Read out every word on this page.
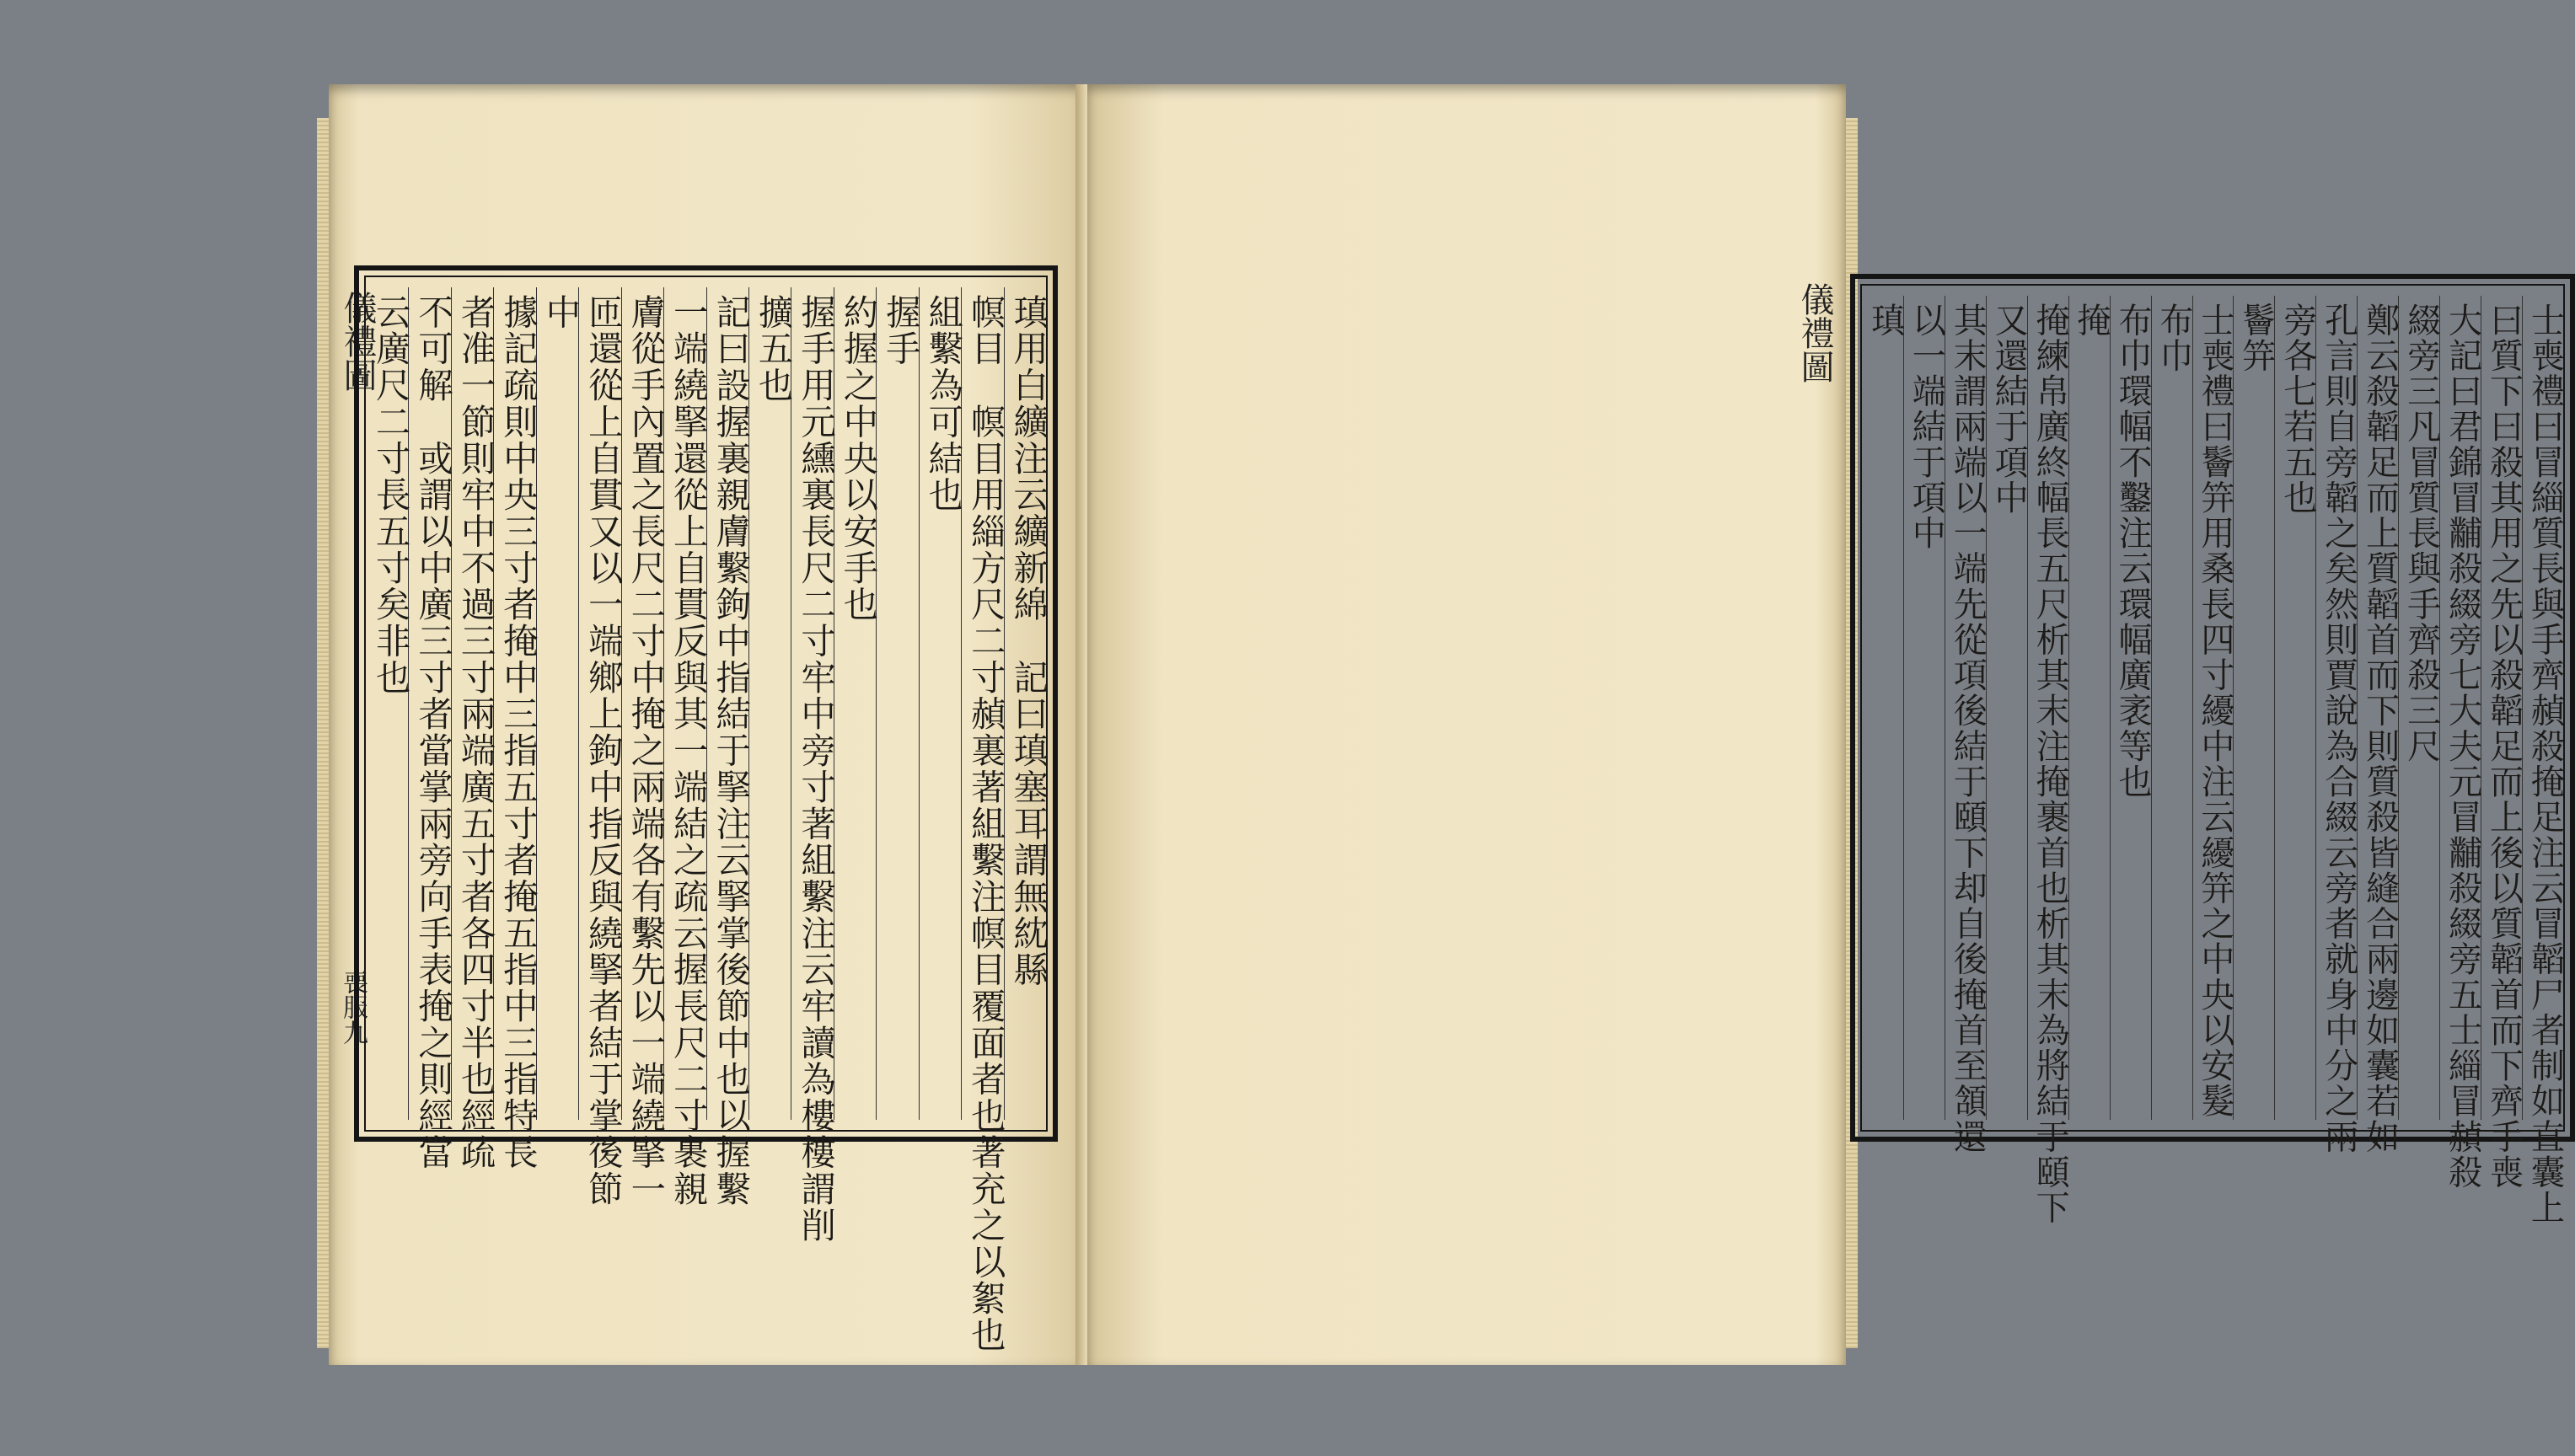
儀禮圖
喪服九
瑱用白纊注云纊新綿　記曰瑱塞耳謂無紞縣
幎目　幎目用緇方尺二寸赬裏著組繫注幎目覆面者也著充之以絮也
組繫為可結也
握手
約握之中央以安手也
握手用元纁裏長尺二寸牢中旁寸著組繫注云牢讀為樓樓謂削
擴五也
記曰設握裏親膚繫鉤中指結于掔注云掔掌後節中也以握繫
一端繞掔還從上自貫反與其一端結之疏云握長尺二寸裹親
膚從手內置之長尺二寸中掩之兩端各有繫先以一端繞掔一
匝還從上自貫又以一端鄉上鉤中指反與繞掔者結于掌後節
中
據記疏則中央三寸者掩中三指五寸者掩五指中三指特長
者准一節則牢中不過三寸兩端廣五寸者各四寸半也經疏
不可解　或謂以中廣三寸者當掌兩旁向手表掩之則經當
云廣尺二寸長五寸矣非也	儀禮圖	士喪禮曰冒緇質長與手齊赬殺掩足注云冒韜尸者制如直囊上
曰質下曰殺其用之先以殺韜足而上後以質韜首而下齊手喪
大記曰君錦冒黼殺綴旁七大夫元冒黼殺綴旁五士緇冒赬殺
綴旁三凡冒質長與手齊殺三尺
鄭云殺韜足而上質韜首而下則質殺皆縫合兩邊如囊若如
孔言則自旁韜之矣然則賈說為合綴云旁者就身中分之兩
旁各七若五也
鬠笄
士喪禮曰鬠笄用桑長四寸纋中注云纋笄之中央以安髮
布巾
布巾環幅不鑿注云環幅廣袤等也
掩
掩練帛廣終幅長五尺析其末注掩裹首也析其末為將結于頤下
又還結于項中
其末謂兩端以一端先從項後結于頤下却自後掩首至頷還
以一端結于項中
瑱
